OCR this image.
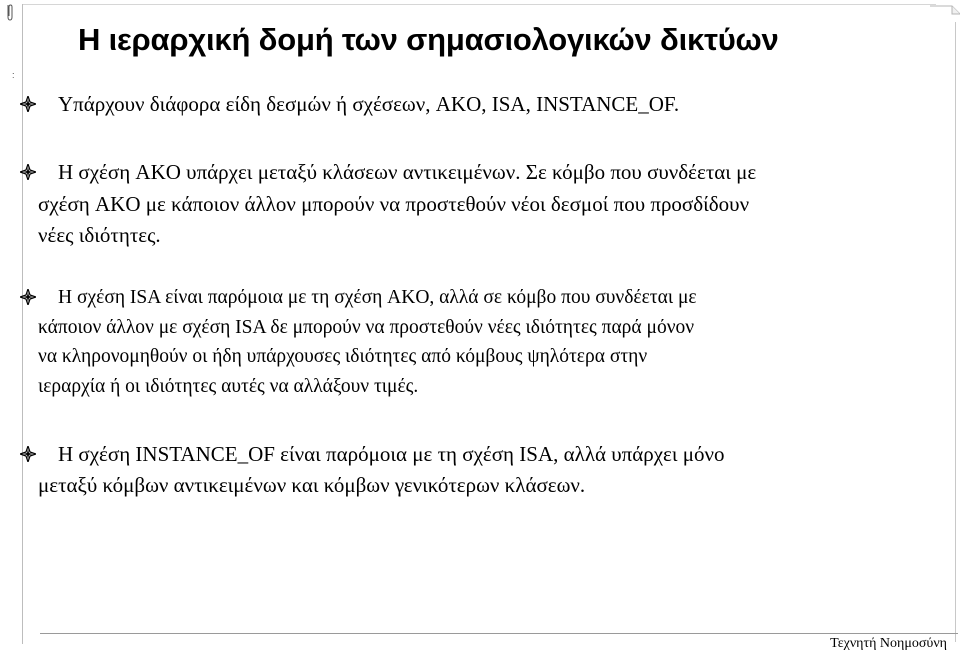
:
Η ιεραρχική δομή των σημασιολογικών δικτύων
Υπάρχουν διάφορα είδη δεσμών ή σχέσεων, AKO, ISA, INSTANCE_OF.
Η σχέση AKO υπάρχει μεταξύ κλάσεων αντικειμένων. Σε κόμβο που συνδέεται με
σχέση AKO με κάποιον άλλον μπορούν να προστεθούν νέοι δεσμοί που προσδίδουν
νέες ιδιότητες.
Η σχέση ISA είναι παρόμοια με τη σχέση AKO, αλλά σε κόμβο που συνδέεται με
κάποιον άλλον με σχέση ISA δε μπορούν να προστεθούν νέες ιδιότητες παρά μόνον
να κληρονομηθούν οι ήδη υπάρχουσες ιδιότητες από κόμβους ψηλότερα στην
ιεραρχία ή οι ιδιότητες αυτές να αλλάξουν τιμές.
Η σχέση INSTANCE_OF είναι παρόμοια με τη σχέση ISA, αλλά υπάρχει μόνο
μεταξύ κόμβων αντικειμένων και κόμβων γενικότερων κλάσεων.
Τεχνητή Νοημοσύνη
